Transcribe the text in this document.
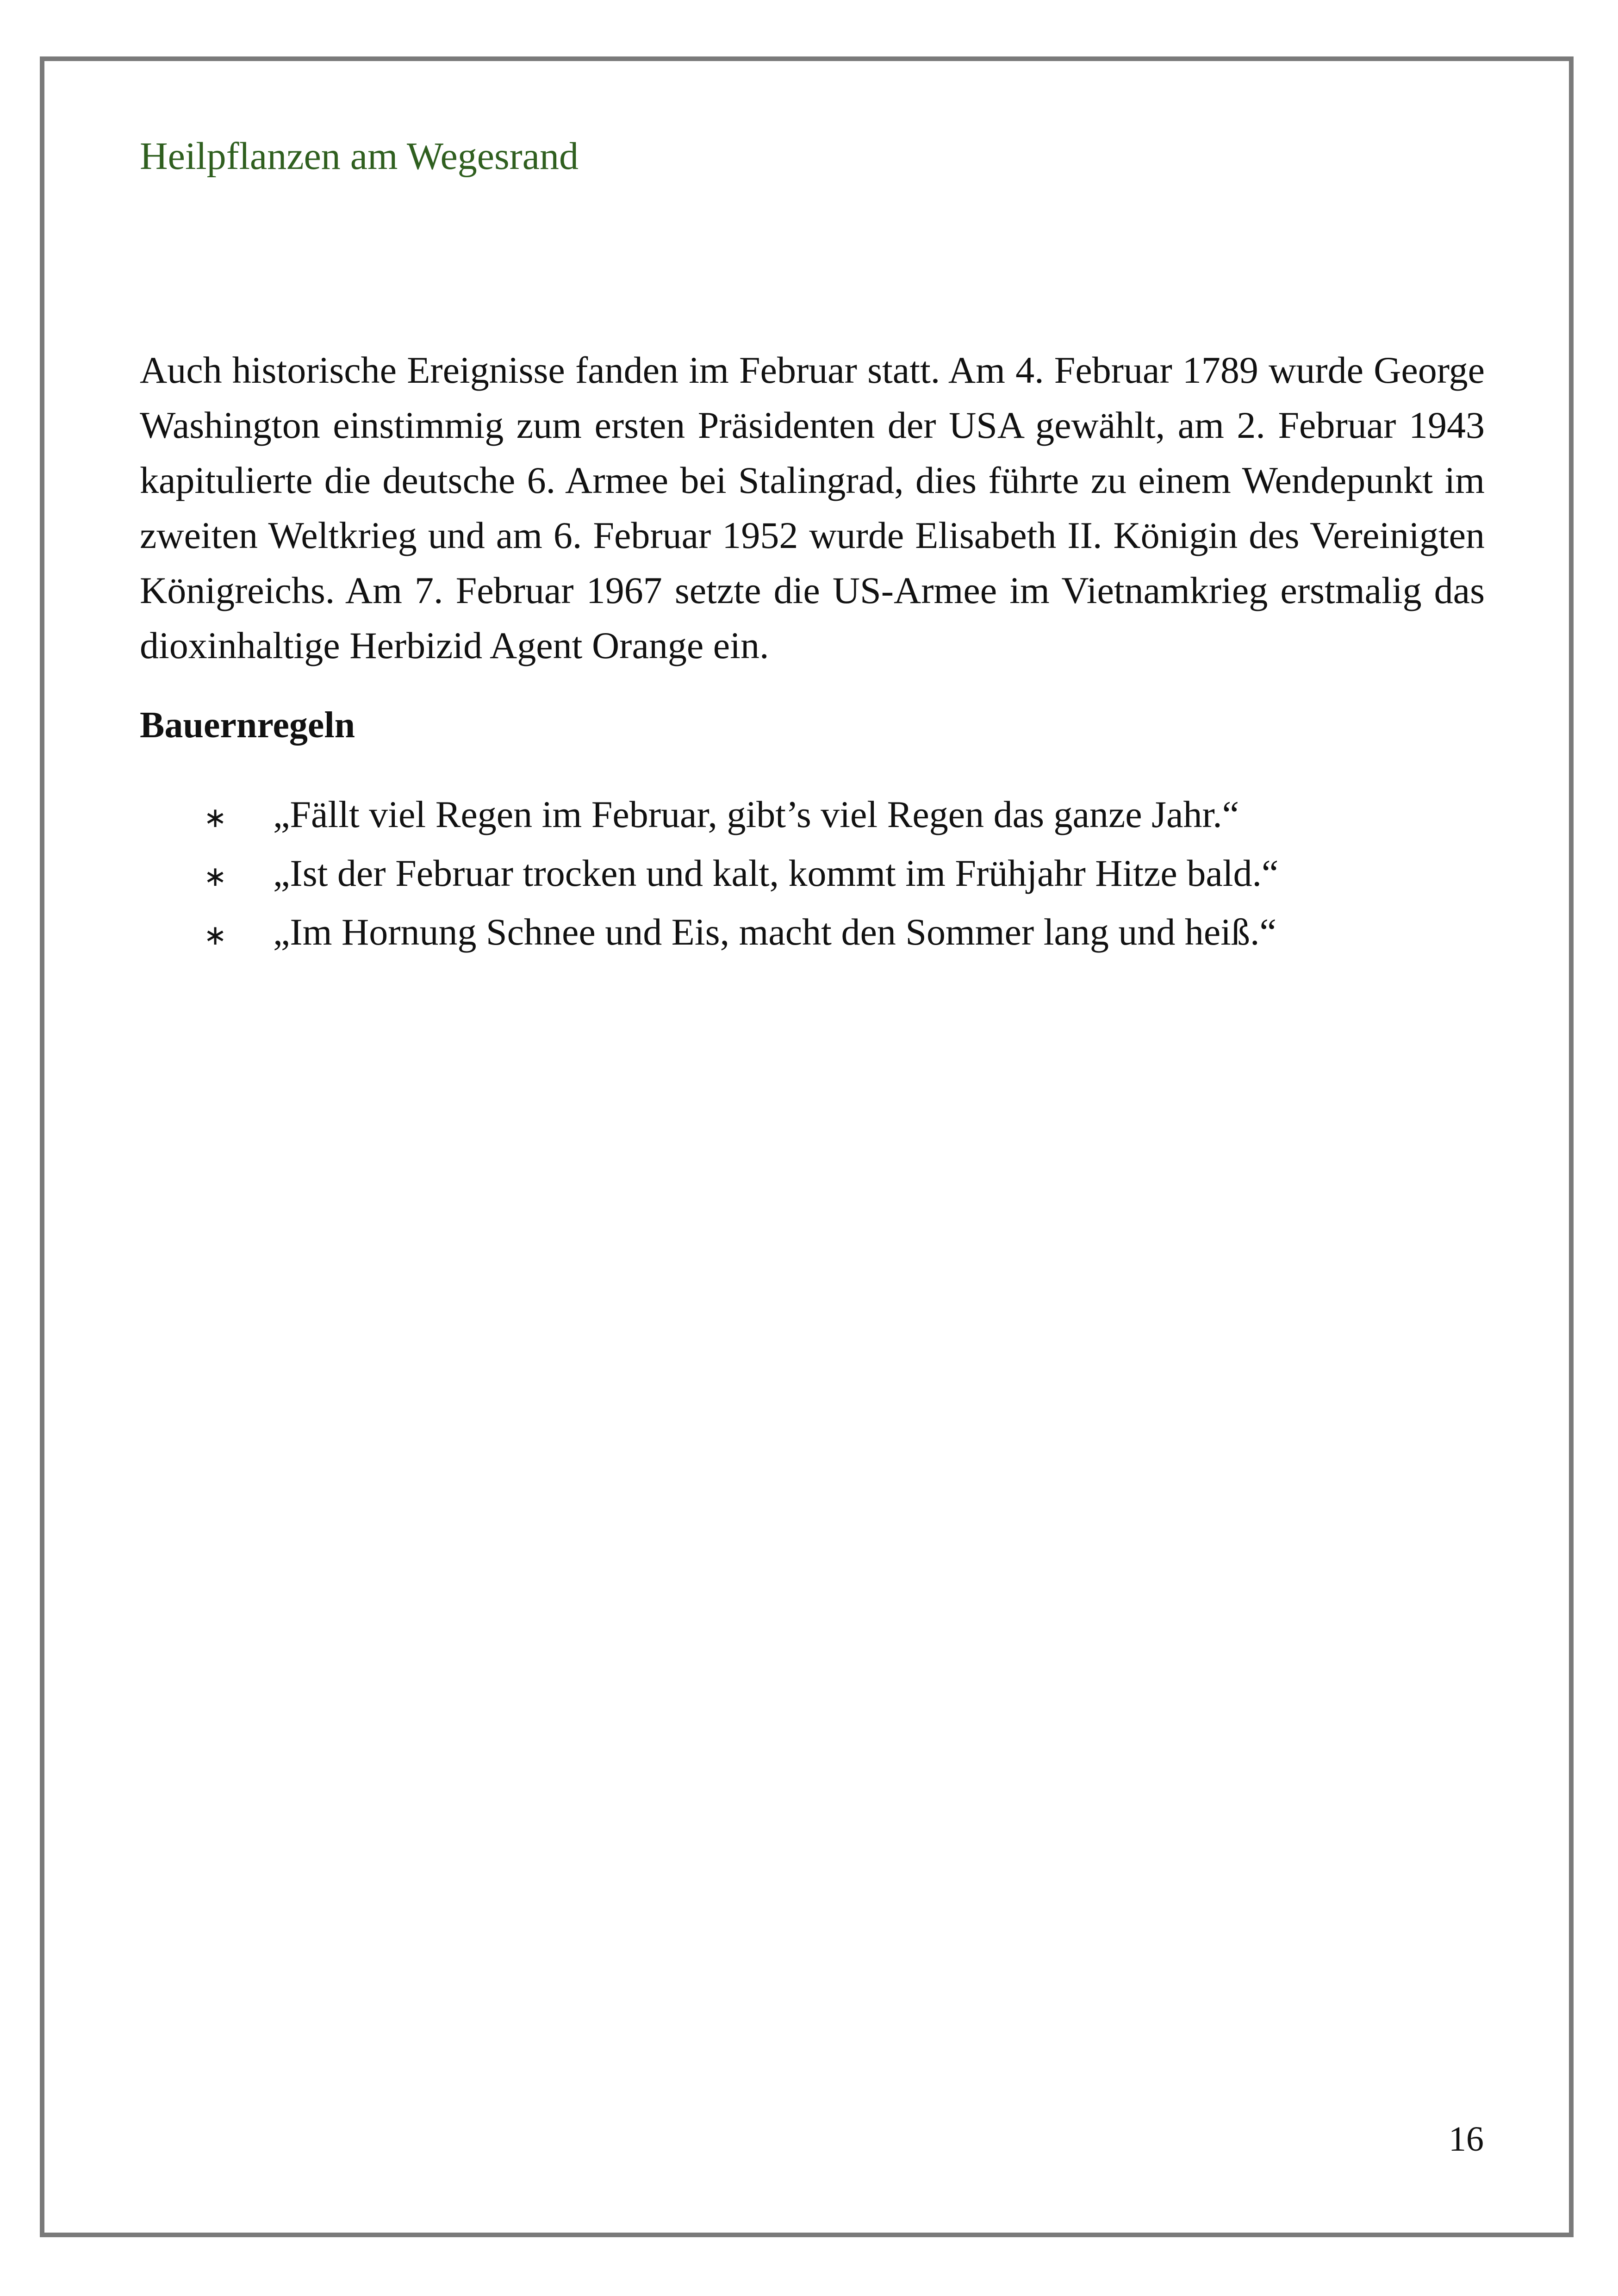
Heilpflanzen am Wegesrand

Auch historische Ereignisse fanden im Februar statt. Am 4. Februar 1789 wurde George Washington einstimmig zum ersten Präsidenten der USA gewählt, am 2. Februar 1943 kapitulierte die deutsche 6. Armee bei Stalingrad, dies führte zu einem Wendepunkt im zweiten Weltkrieg und am 6. Februar 1952 wurde Elisabeth II. Königin des Vereinigten Königreichs. Am 7. Februar 1967 setzte die US-Armee im Vietnamkrieg erstmalig das dioxinhaltige Herbizid Agent Orange ein.

Bauernregeln
∗	„Fällt viel Regen im Februar, gibt’s viel Regen das ganze Jahr.“
∗	„Ist der Februar trocken und kalt, kommt im Frühjahr Hitze bald.“
∗	„Im Hornung Schnee und Eis, macht den Sommer lang und heiß.“
16
